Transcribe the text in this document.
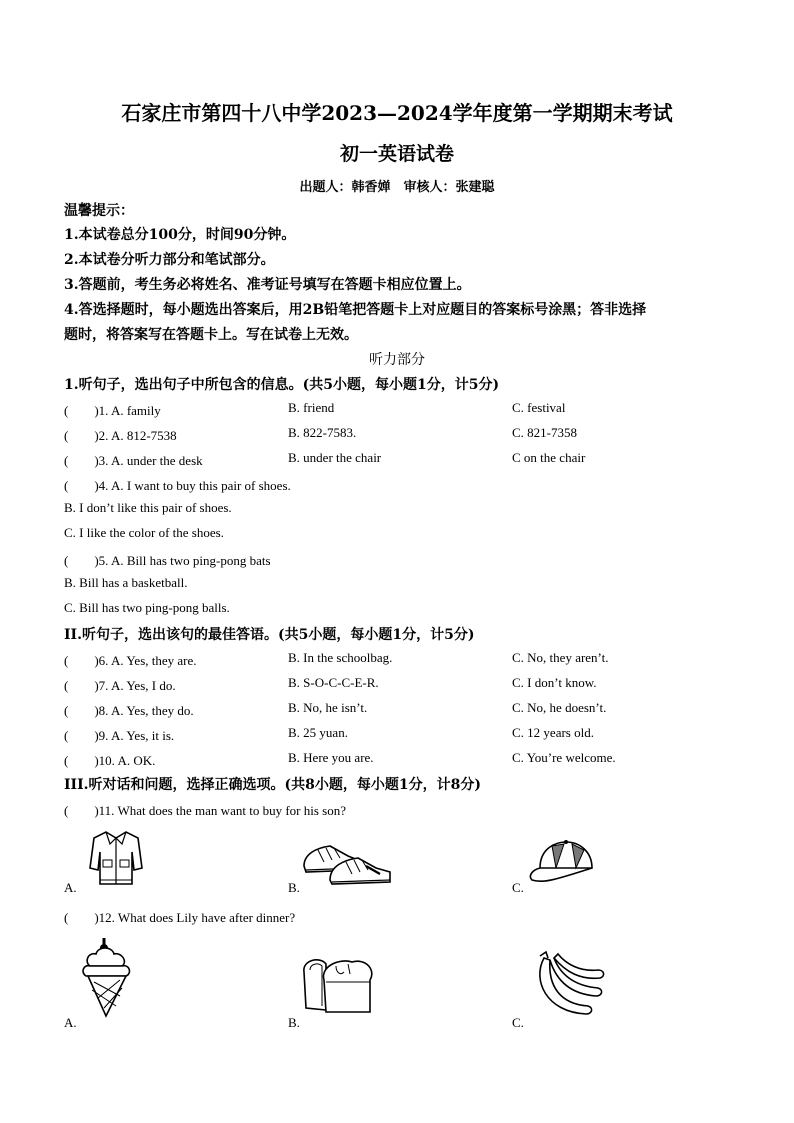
石家庄市第四十八中学2023—2024学年度第一学期期末考试
初一英语试卷
出题人：韩香婵　审核人：张建聪
温馨提示：
1.本试卷总分100分，时间90分钟。
2.本试卷分听力部分和笔试部分。
3.答题前，考生务必将姓名、准考证号填写在答题卡相应位置上。
4.答选择题时，每小题选出答案后，用2B铅笔把答题卡上对应题目的答案标号涂黑；答非选择
题时，将答案写在答题卡上。写在试卷上无效。
听力部分
1.听句子，选出句子中所包含的信息。(共5小题，每小题1分，计5分)
(　　)1. A. family	B. friend	C. festival
(　　)2. A. 812-7538	B. 822-7583.	C. 821-7358
(　　)3. A. under the desk	B. under the chair	C on the chair
(　　)4. A. I want to buy this pair of shoes.
B. I don’t like this pair of shoes.
C. I like the color of the shoes.
(　　)5. A. Bill has two ping-pong bats
B. Bill has a basketball.
C. Bill has two ping-pong balls.
II.听句子，选出该句的最佳答语。(共5小题，每小题1分，计5分)
(　　)6. A. Yes, they are.	B. In the schoolbag.	C. No, they aren’t.
(　　)7. A. Yes, I do.	B. S-O-C-C-E-R.	C. I don’t know.
(　　)8. A. Yes, they do.	B. No, he isn’t.	C. No, he doesn’t.
(　　)9. A. Yes, it is.	B. 25 yuan.	C. 12 years old.
(　　)10. A. OK.	B. Here you are.	C. You’re welcome.
III.听对话和问题，选择正确选项。(共8小题，每小题1分，计8分)
(　　)11. What does the man want to buy for his son?
A.	B.	C.
(　　)12. What does Lily have after dinner?
A.	B.	C.
